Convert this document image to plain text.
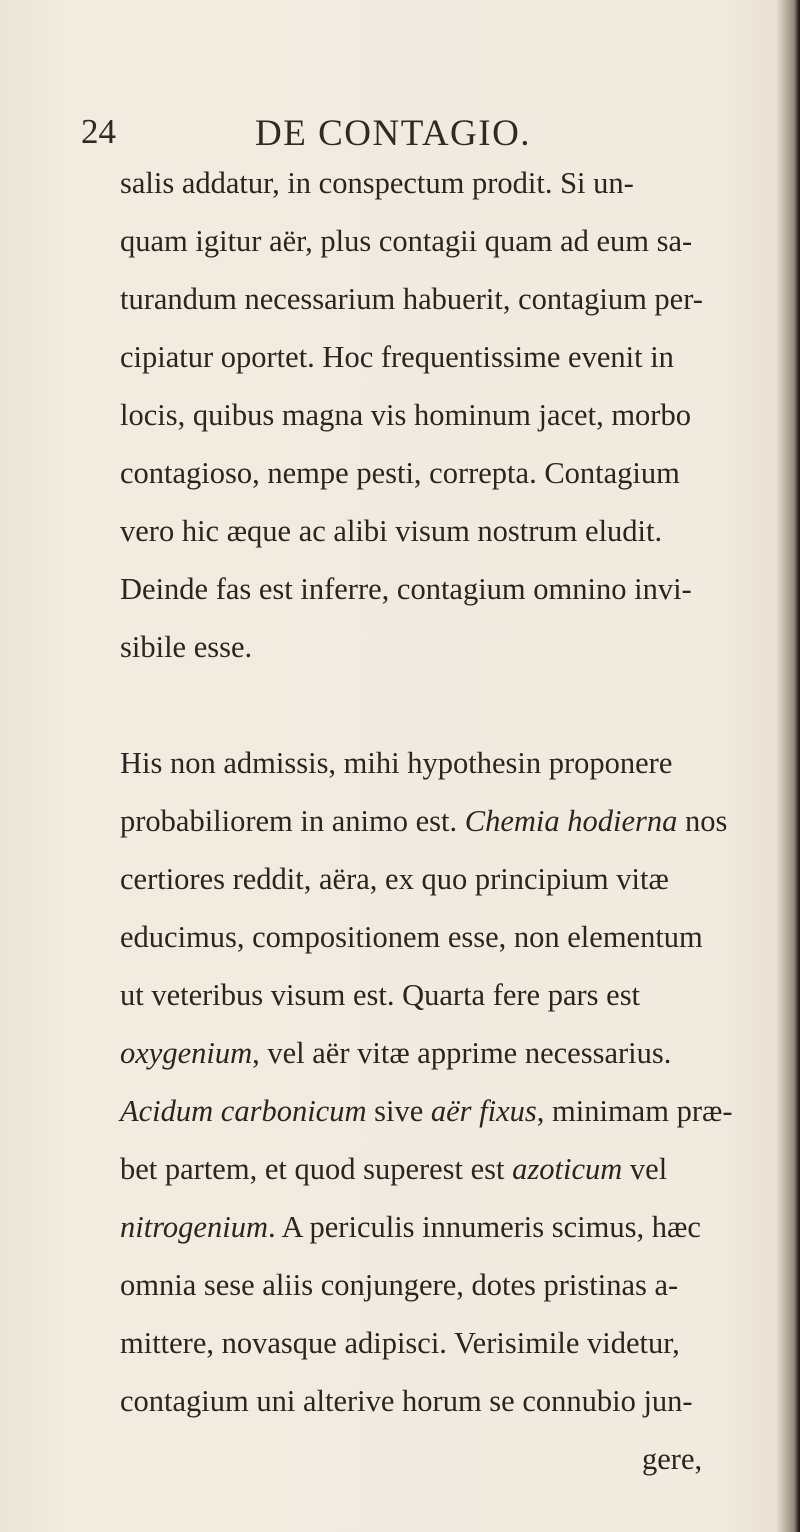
24	DE CONTAGIO.
salis addatur, in conspectum prodit. Si un-
quam igitur aër, plus contagii quam ad eum sa-
turandum necessarium habuerit, contagium per-
cipiatur oportet. Hoc frequentissime evenit in
locis, quibus magna vis hominum jacet, morbo
contagioso, nempe pesti, correpta. Contagium
vero hic æque ac alibi visum nostrum eludit.
Deinde fas est inferre, contagium omnino invi-
sibile esse.
His non admissis, mihi hypothesin proponere
probabiliorem in animo est. Chemia hodierna nos
certiores reddit, aëra, ex quo principium vitæ
educimus, compositionem esse, non elementum
ut veteribus visum est. Quarta fere pars est
oxygenium, vel aër vitæ apprime necessarius.
Acidum carbonicum sive aër fixus, minimam præ-
bet partem, et quod superest est azoticum vel
nitrogenium. A periculis innumeris scimus, hæc
omnia sese aliis conjungere, dotes pristinas a-
mittere, novasque adipisci. Verisimile videtur,
contagium uni alterive horum se connubio jun-
gere,
